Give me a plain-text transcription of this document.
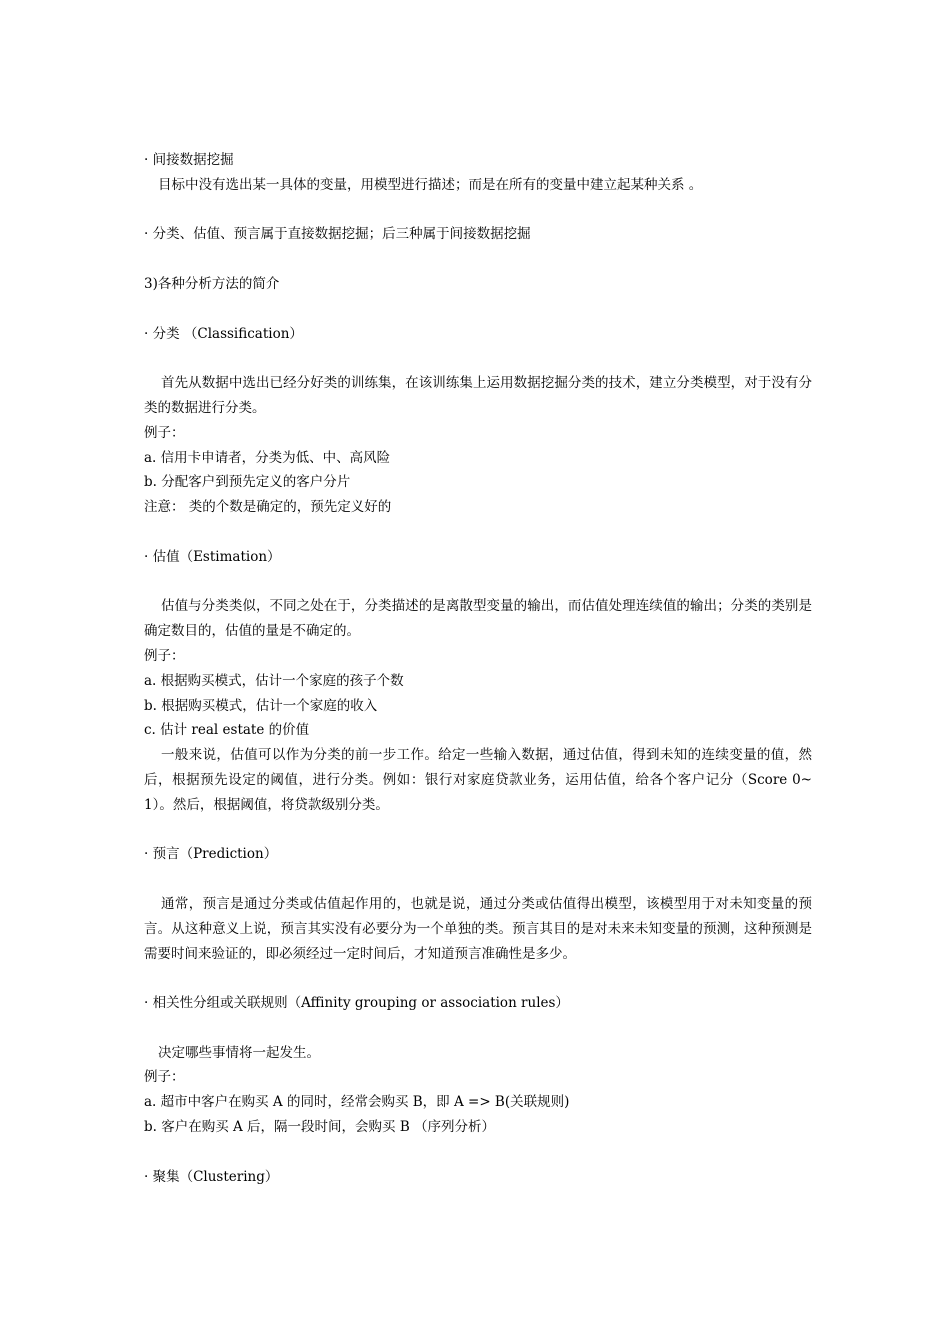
· 间接数据挖掘
目标中没有选出某一具体的变量，用模型进行描述；而是在所有的变量中建立起某种关系 。
· 分类、估值、预言属于直接数据挖掘；后三种属于间接数据挖掘
3)各种分析方法的简介
· 分类 （Classification）
首先从数据中选出已经分好类的训练集，在该训练集上运用数据挖掘分类的技术，建立分类模型，对于没有分类的数据进行分类。
例子：
a. 信用卡申请者，分类为低、中、高风险
b. 分配客户到预先定义的客户分片
注意： 类的个数是确定的，预先定义好的
· 估值（Estimation）
估值与分类类似，不同之处在于，分类描述的是离散型变量的输出，而估值处理连续值的输出；分类的类别是确定数目的，估值的量是不确定的。
例子：
a. 根据购买模式，估计一个家庭的孩子个数
b. 根据购买模式，估计一个家庭的收入
c. 估计 real estate 的价值
一般来说，估值可以作为分类的前一步工作。给定一些输入数据，通过估值，得到未知的连续变量的值，然后，根据预先设定的阈值，进行分类。例如：银行对家庭贷款业务，运用估值，给各个客户记分（Score 0~1）。然后，根据阈值，将贷款级别分类。
· 预言（Prediction）
通常，预言是通过分类或估值起作用的，也就是说，通过分类或估值得出模型，该模型用于对未知变量的预言。从这种意义上说，预言其实没有必要分为一个单独的类。预言其目的是对未来未知变量的预测，这种预测是需要时间来验证的，即必须经过一定时间后，才知道预言准确性是多少。
· 相关性分组或关联规则（Affinity grouping or association rules）
决定哪些事情将一起发生。
例子：
a. 超市中客户在购买 A 的同时，经常会购买 B，即 A => B(关联规则)
b. 客户在购买 A 后，隔一段时间，会购买 B （序列分析）
· 聚集（Clustering）
